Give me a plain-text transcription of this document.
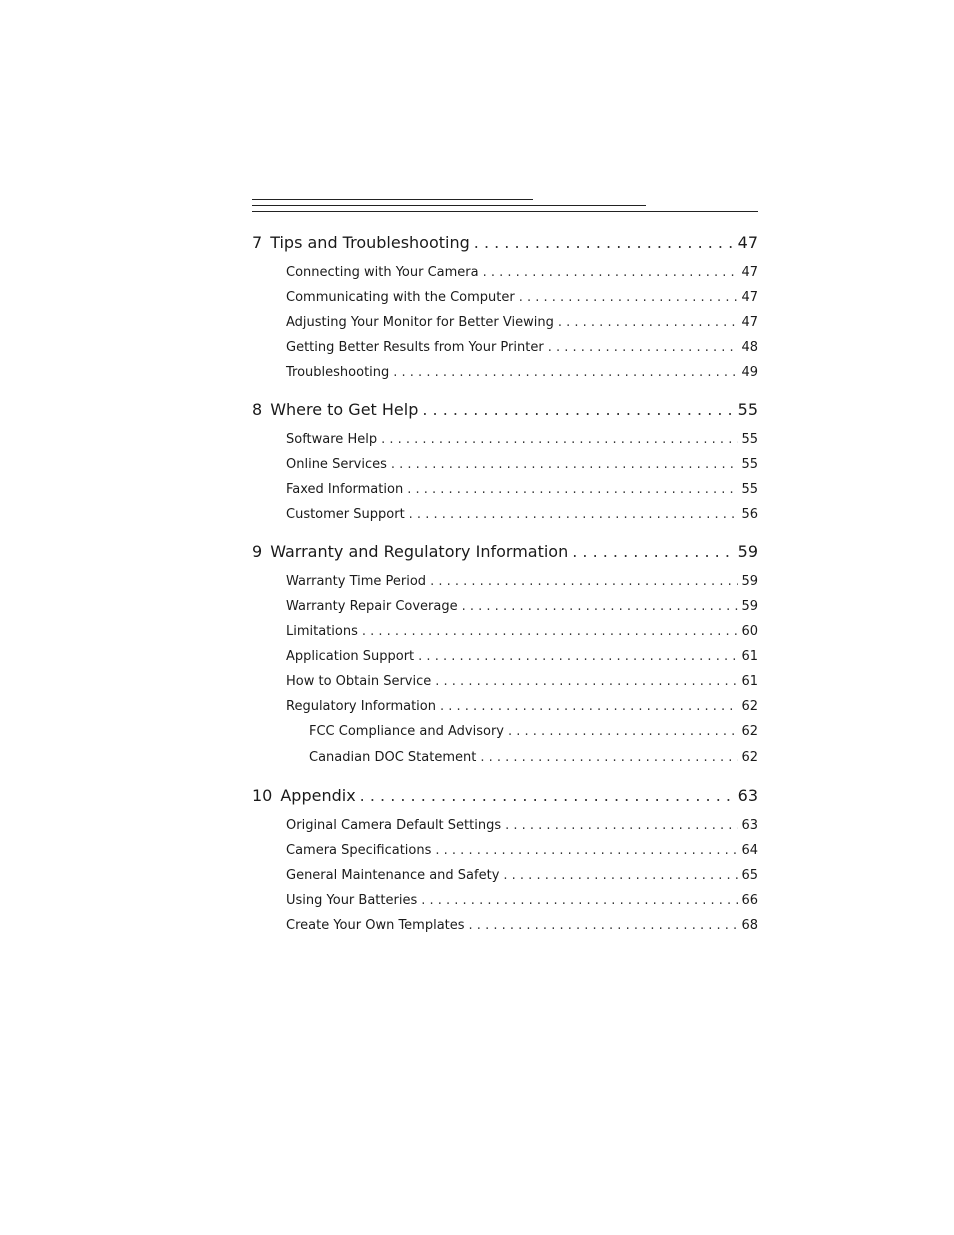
7 Tips and Troubleshooting . . .	47
Connecting with Your Camera . . .	47
Communicating with the Computer . . .	47
Adjusting Your Monitor for Better Viewing . . .	47
Getting Better Results from Your Printer . . .	48
Troubleshooting . . .	49
8 Where to Get Help . . .	55
Software Help . . .	55
Online Services . . .	55
Faxed Information . . .	55
Customer Support . . .	56
9 Warranty and Regulatory Information . . .	59
Warranty Time Period . . .	59
Warranty Repair Coverage . . .	59
Limitations . . .	60
Application Support . . .	61
How to Obtain Service . . .	61
Regulatory Information . . .	62
FCC Compliance and Advisory . . .	62
Canadian DOC Statement . . .	62
10 Appendix . . .	63
Original Camera Default Settings . . .	63
Camera Specifications . . .	64
General Maintenance and Safety . . .	65
Using Your Batteries . . .	66
Create Your Own Templates . . .	68
